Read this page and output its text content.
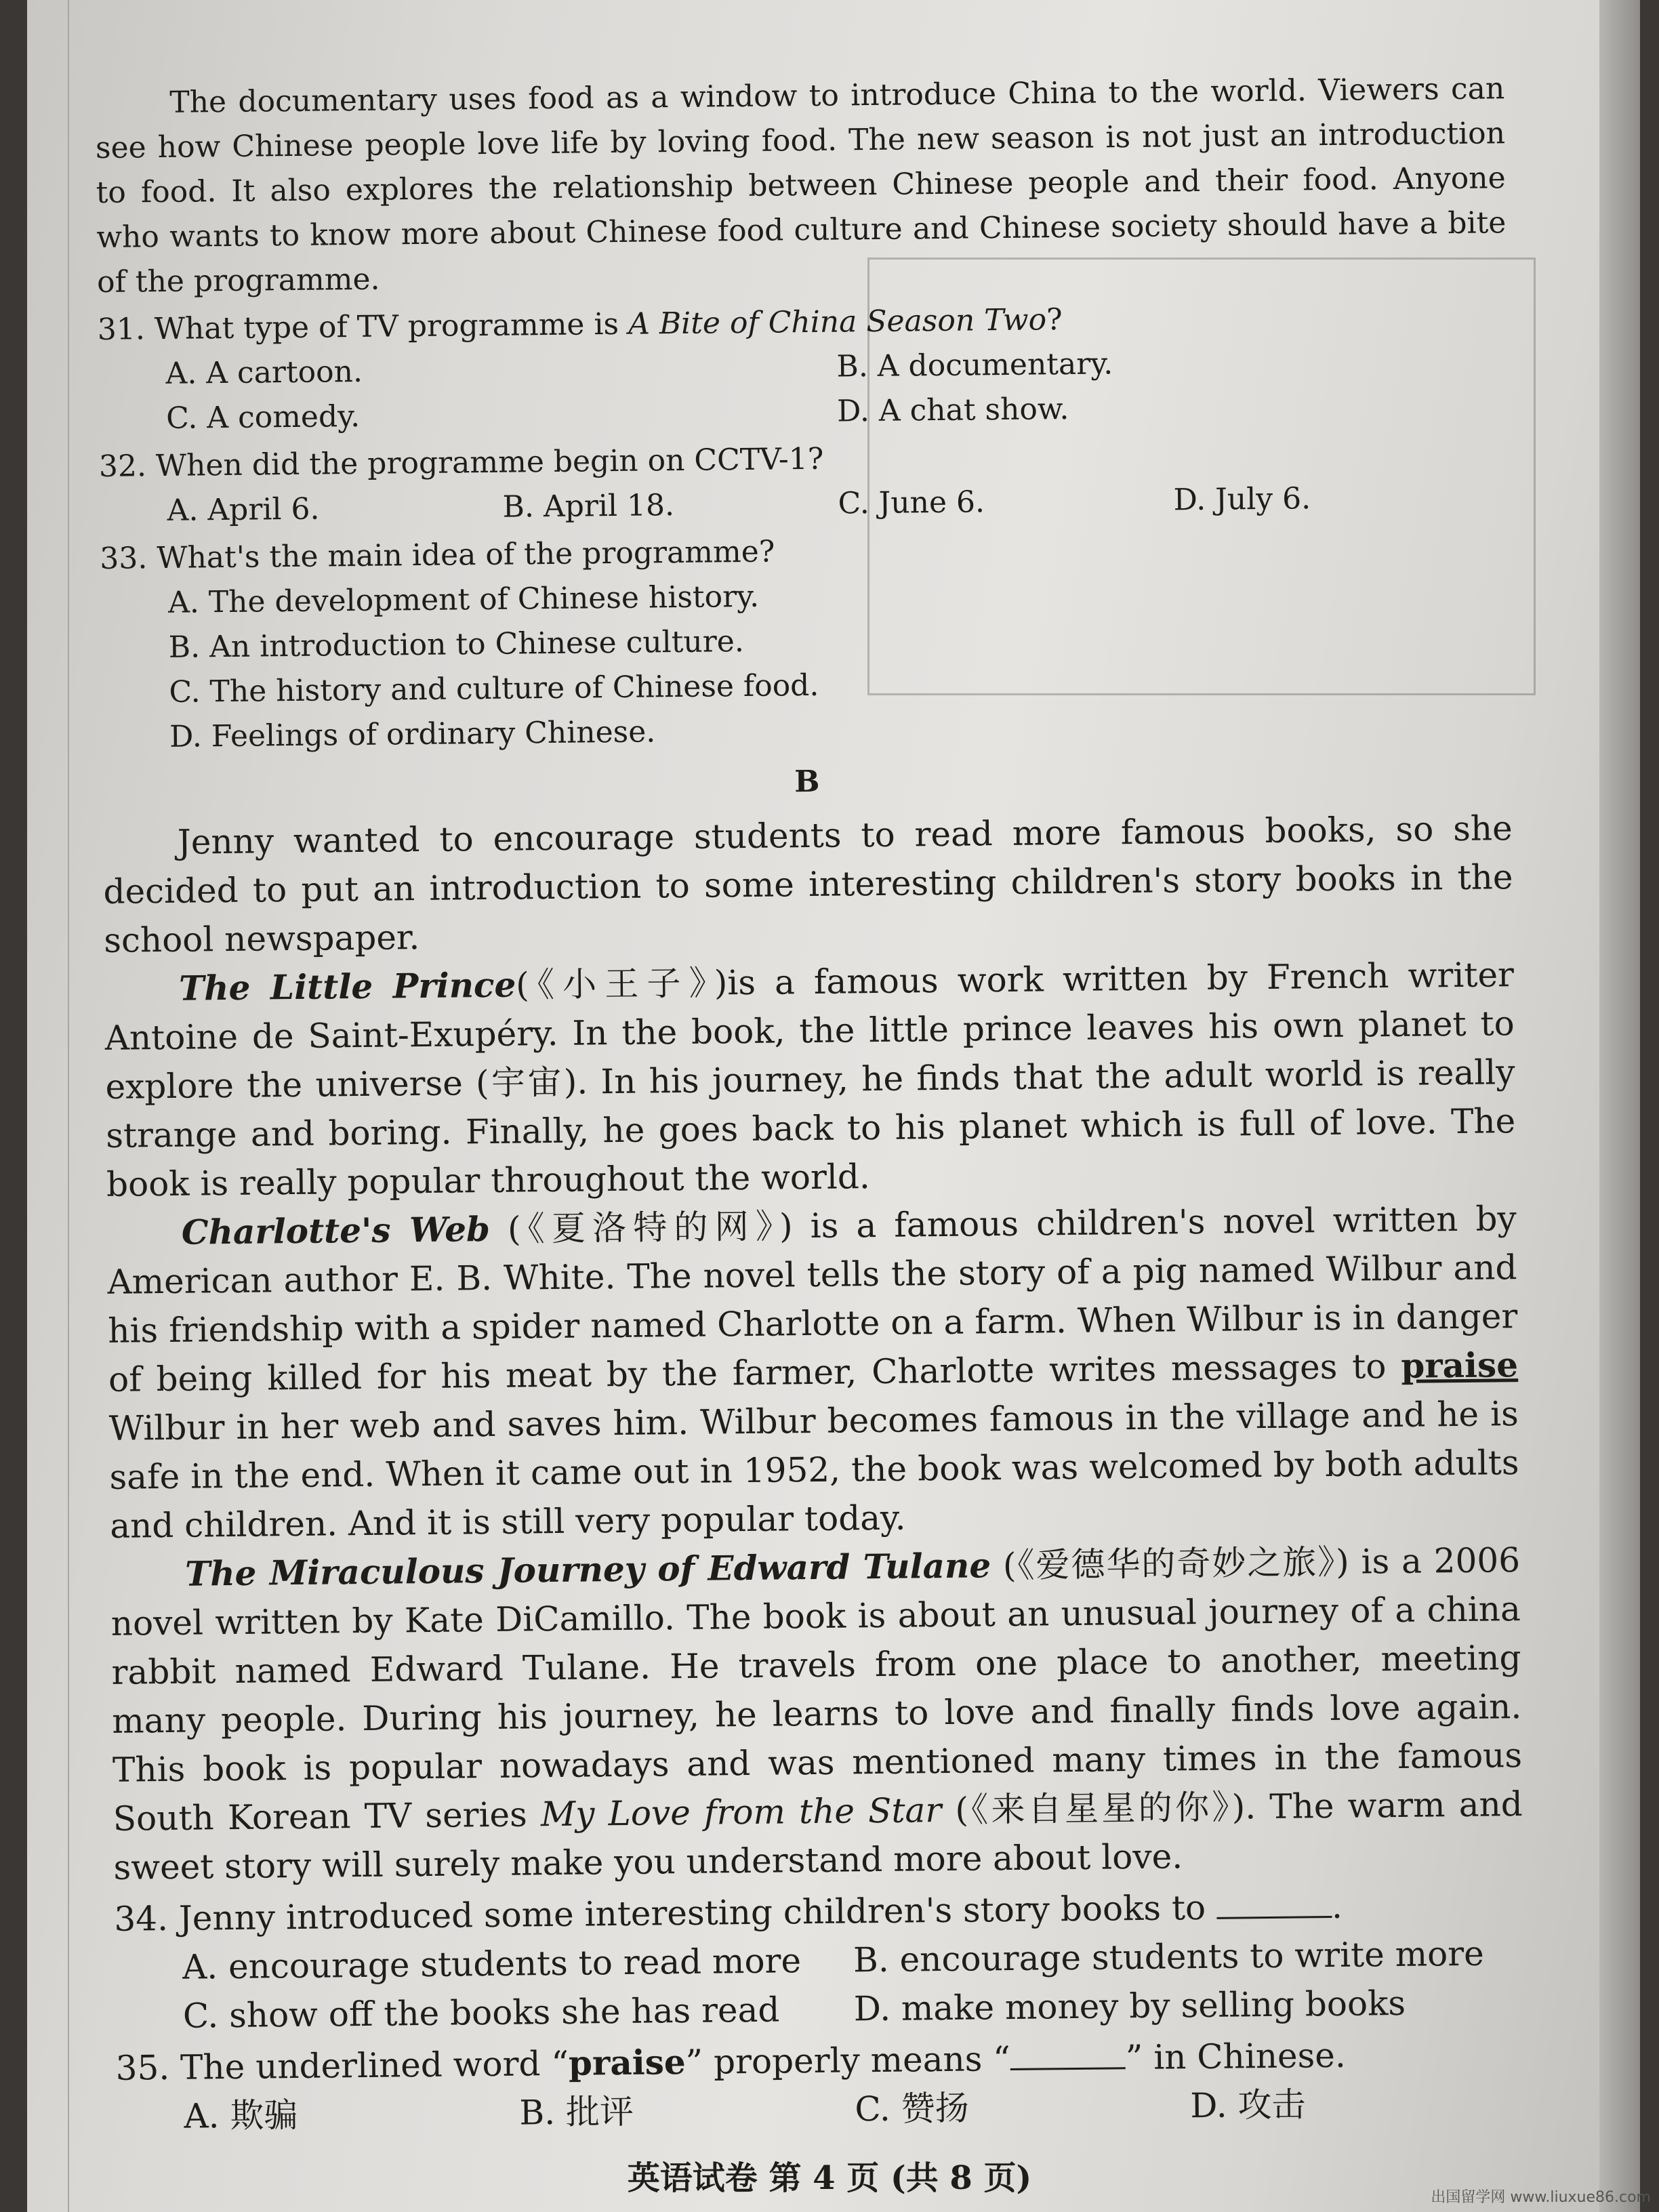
The documentary uses food as a window to introduce China to the world. Viewers can see how Chinese people love life by loving food. The new season is not just an introduction to food. It also explores the relationship between Chinese people and their food. Anyone who wants to know more about Chinese food culture and Chinese society should have a bite of the programme.

31. What type of TV programme is A Bite of China Season Two?
A. A cartoon.	B. A documentary.
C. A comedy.	D. A chat show.
32. When did the programme begin on CCTV-1?
A. April 6.	B. April 18.	C. June 6.	D. July 6.
33. What's the main idea of the programme?
A. The development of Chinese history.
B. An introduction to Chinese culture.
C. The history and culture of Chinese food.
D. Feelings of ordinary Chinese.
B

Jenny wanted to encourage students to read more famous books, so she decided to put an introduction to some interesting children's story books in the school newspaper.

The Little Prince(《小王子》)is a famous work written by French writer Antoine de Saint-Exupéry. In the book, the little prince leaves his own planet to explore the universe (宇宙). In his journey, he finds that the adult world is really strange and boring. Finally, he goes back to his planet which is full of love. The book is really popular throughout the world.

Charlotte's Web (《夏洛特的网》) is a famous children's novel written by American author E. B. White. The novel tells the story of a pig named Wilbur and his friendship with a spider named Charlotte on a farm. When Wilbur is in danger of being killed for his meat by the farmer, Charlotte writes messages to praise Wilbur in her web and saves him. Wilbur becomes famous in the village and he is safe in the end. When it came out in 1952, the book was welcomed by both adults and children. And it is still very popular today.

The Miraculous Journey of Edward Tulane (《爱德华的奇妙之旅》) is a 2006 novel written by Kate DiCamillo. The book is about an unusual journey of a china rabbit named Edward Tulane. He travels from one place to another, meeting many people. During his journey, he learns to love and finally finds love again. This book is popular nowadays and was mentioned many times in the famous South Korean TV series My Love from the Star (《来自星星的你》). The warm and sweet story will surely make you understand more about love.

34. Jenny introduced some interesting children's story books to	.
A. encourage students to read more	B. encourage students to write more
C. show off the books she has read	D. make money by selling books
35. The underlined word “praise” properly means “	” in Chinese.
A. 欺骗	B. 批评	C. 赞扬	D. 攻击
英语试卷 第 4 页 (共 8 页)
出国留学网 www.liuxue86.com
